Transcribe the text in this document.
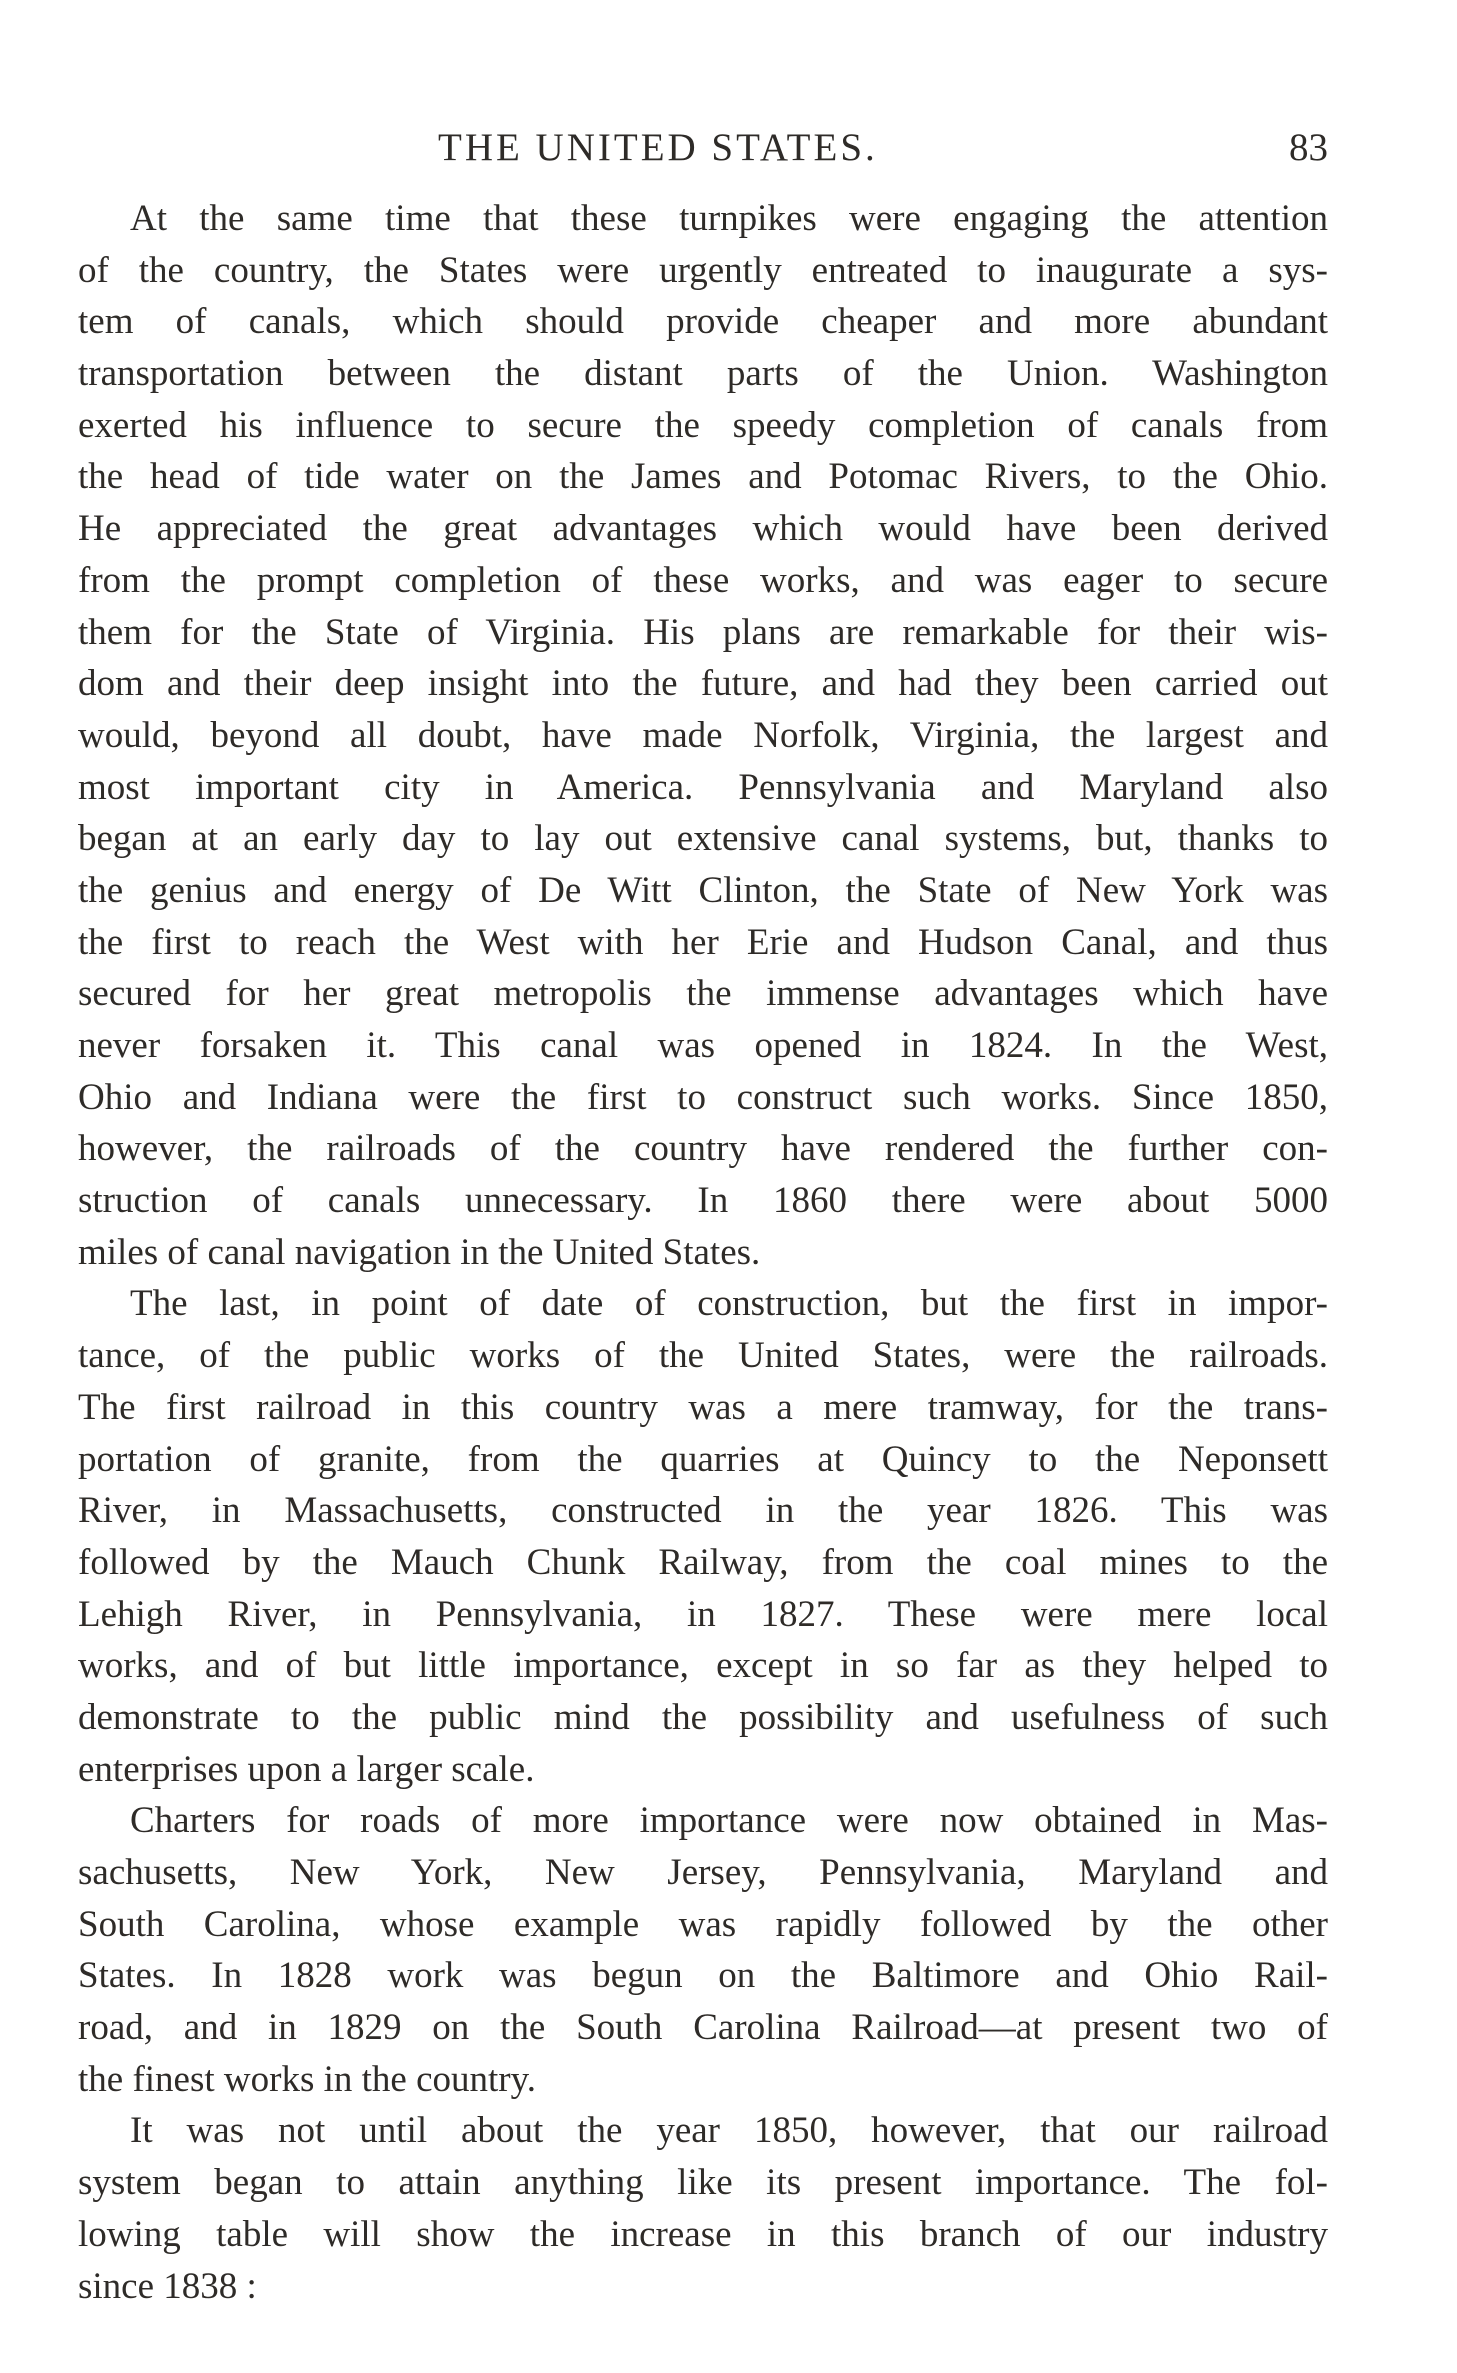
THE UNITED STATES.	83
At the same time that these turnpikes were engaging the attention
of the country, the States were urgently entreated to inaugurate a sys-
tem of canals, which should provide cheaper and more abundant
transportation between the distant parts of the Union. Washington
exerted his influence to secure the speedy completion of canals from
the head of tide water on the James and Potomac Rivers, to the Ohio.
He appreciated the great advantages which would have been derived
from the prompt completion of these works, and was eager to secure
them for the State of Virginia. His plans are remarkable for their wis-
dom and their deep insight into the future, and had they been carried out
would, beyond all doubt, have made Norfolk, Virginia, the largest and
most important city in America. Pennsylvania and Maryland also
began at an early day to lay out extensive canal systems, but, thanks to
the genius and energy of De Witt Clinton, the State of New York was
the first to reach the West with her Erie and Hudson Canal, and thus
secured for her great metropolis the immense advantages which have
never forsaken it. This canal was opened in 1824. In the West,
Ohio and Indiana were the first to construct such works. Since 1850,
however, the railroads of the country have rendered the further con-
struction of canals unnecessary. In 1860 there were about 5000
miles of canal navigation in the United States.
The last, in point of date of construction, but the first in impor-
tance, of the public works of the United States, were the railroads.
The first railroad in this country was a mere tramway, for the trans-
portation of granite, from the quarries at Quincy to the Neponsett
River, in Massachusetts, constructed in the year 1826. This was
followed by the Mauch Chunk Railway, from the coal mines to the
Lehigh River, in Pennsylvania, in 1827. These were mere local
works, and of but little importance, except in so far as they helped to
demonstrate to the public mind the possibility and usefulness of such
enterprises upon a larger scale.
Charters for roads of more importance were now obtained in Mas-
sachusetts, New York, New Jersey, Pennsylvania, Maryland and
South Carolina, whose example was rapidly followed by the other
States. In 1828 work was begun on the Baltimore and Ohio Rail-
road, and in 1829 on the South Carolina Railroad—at present two of
the finest works in the country.
It was not until about the year 1850, however, that our railroad
system began to attain anything like its present importance. The fol-
lowing table will show the increase in this branch of our industry
since 1838 :
